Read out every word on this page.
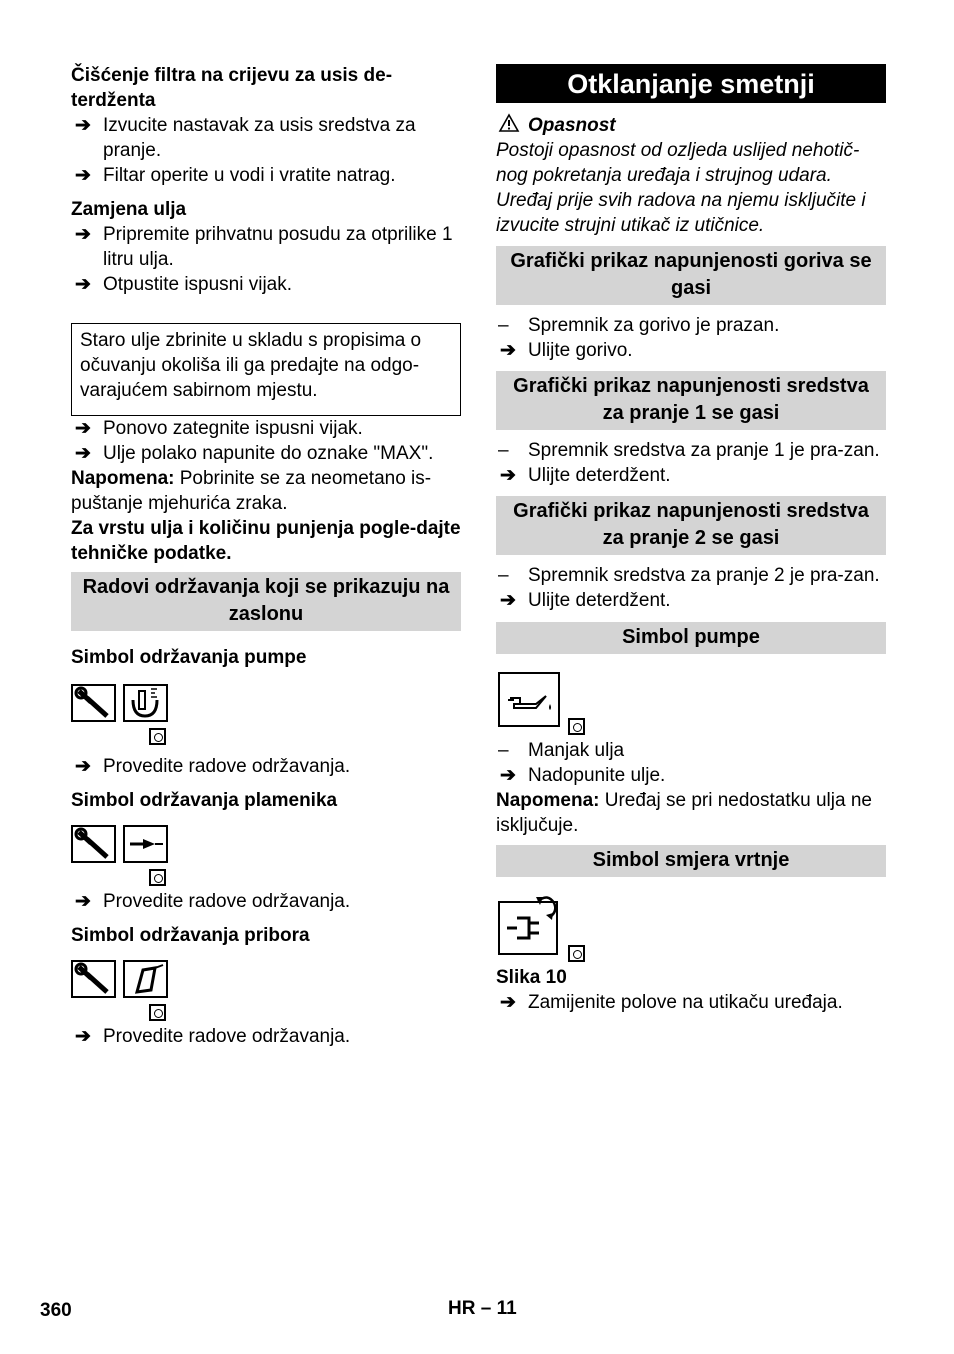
Čišćenje filtra na crijevu za usis de-terdženta

➔ Izvucite nastavak za usis sredstva za pranje.
➔ Filtar operite u vodi i vratite natrag.

Zamjena ulja

➔ Pripremite prihvatnu posudu za otprilike 1 litru ulja.
➔ Otpustite ispusni vijak.
Staro ulje zbrinite u skladu s propisima o očuvanju okoliša ili ga predajte na odgo-varajućem sabirnom mjestu.
➔ Ponovo zategnite ispusni vijak.
➔ Ulje polako napunite do oznake "MAX".

Napomena: Pobrinite se za neometano is-puštanje mjehurića zraka.

Za vrstu ulja i količinu punjenja pogle-dajte tehničke podatke.

Radovi održavanja koji se prikazuju na zaslonu

Simbol održavanja pumpe

➔ Provedite radove održavanja.

Simbol održavanja plamenika

➔ Provedite radove održavanja.

Simbol održavanja pribora

➔ Provedite radove održavanja.
Otklanjanje smetnji
Opasnost

Postoji opasnost od ozljeda uslijed nehotič-nog pokretanja uređaja i strujnog udara. Uređaj prije svih radova na njemu isključite i izvucite strujni utikač iz utičnice.

Grafički prikaz napunjenosti goriva se gasi
– Spremnik za gorivo je prazan.
➔ Ulijte gorivo.
Grafički prikaz napunjenosti sredstva za pranje 1 se gasi
– Spremnik sredstva za pranje 1 je pra-zan.
➔ Ulijte deterdžent.
Grafički prikaz napunjenosti sredstva za pranje 2 se gasi
– Spremnik sredstva za pranje 2 je pra-zan.
➔ Ulijte deterdžent.
Simbol pumpe
– Manjak ulja
➔ Nadopunite ulje.

Napomena: Uređaj se pri nedostatku ulja ne isključuje.

Simbol smjera vrtnje

Slika 10

➔ Zamijenite polove na utikaču uređaja.
360	HR – 11
